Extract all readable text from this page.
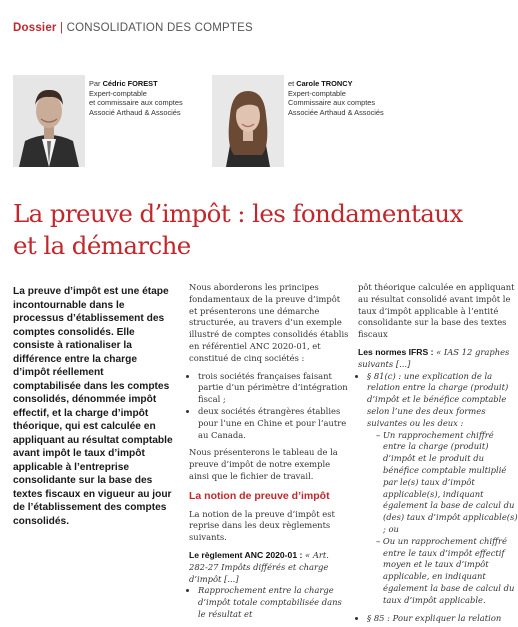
Dossier | CONSOLIDATION DES COMPTES
Par Cédric FOREST
Expert-comptable
et commissaire aux comptes
Associé Arthaud & Associés
et Carole TRONCY
Expert-comptable
Commissaire aux comptes
Associée Arthaud & Associés
La preuve d’impôt : les fondamentaux
et la démarche
La preuve d’impôt est une étape incontournable dans le processus d’établissement des comptes consolidés. Elle consiste à rationaliser la différence entre la charge d’impôt réellement comptabilisée dans les comptes consolidés, dénommée impôt effectif, et la charge d’impôt théorique, qui est calculée en appliquant au résultat comptable avant impôt le taux d’impôt applicable à l’entreprise consolidante sur la base des textes fiscaux en vigueur au jour de l’établissement des comptes consolidés.

Nous aborderons les principes fondamentaux de la preuve d’impôt et présenterons une démarche structurée, au travers d’un exemple illustré de comptes consolidés établis en référentiel ANC 2020-01, et constitué de cinq sociétés :

• trois sociétés françaises faisant partie d’un périmètre d’intégration fiscal ;
• deux sociétés étrangères établies pour l’une en Chine et pour l’autre au Canada.

Nous présenterons le tableau de la preuve d’impôt de notre exemple ainsi que le fichier de travail.

La notion de preuve d’impôt

La notion de la preuve d’impôt est reprise dans les deux règlements suivants.

Le règlement ANC 2020-01 : « Art. 282-27 Impôts différés et charge d’impôt [...]
• Rapprochement entre la charge d’impôt totale comptabilisée dans le résultat et

pôt théorique calculée en appliquant au résultat consolidé avant impôt le taux d’impôt applicable à l’entité consolidante sur la base des textes fiscaux

Les normes IFRS : « IAS 12 graphes suivants [...]
• § 81(c) : une explication de la relation entre la charge (produit) d’impôt et le bénéfice comptable selon l’une des deux formes suivantes ou les deux :
– Un rapprochement chiffré entre la charge (produit) d’impôt et le produit du bénéfice comptable multiplié par le(s) taux d’impôt applicable(s), indiquant également la base de calcul du (des) taux d’impôt applicable(s) ; ou
– Ou un rapprochement chiffré entre le taux d’impôt effectif moyen et le taux d’impôt applicable, en indiquant également la base de calcul du taux d’impôt applicable.
• § 85 : Pour expliquer la relation
